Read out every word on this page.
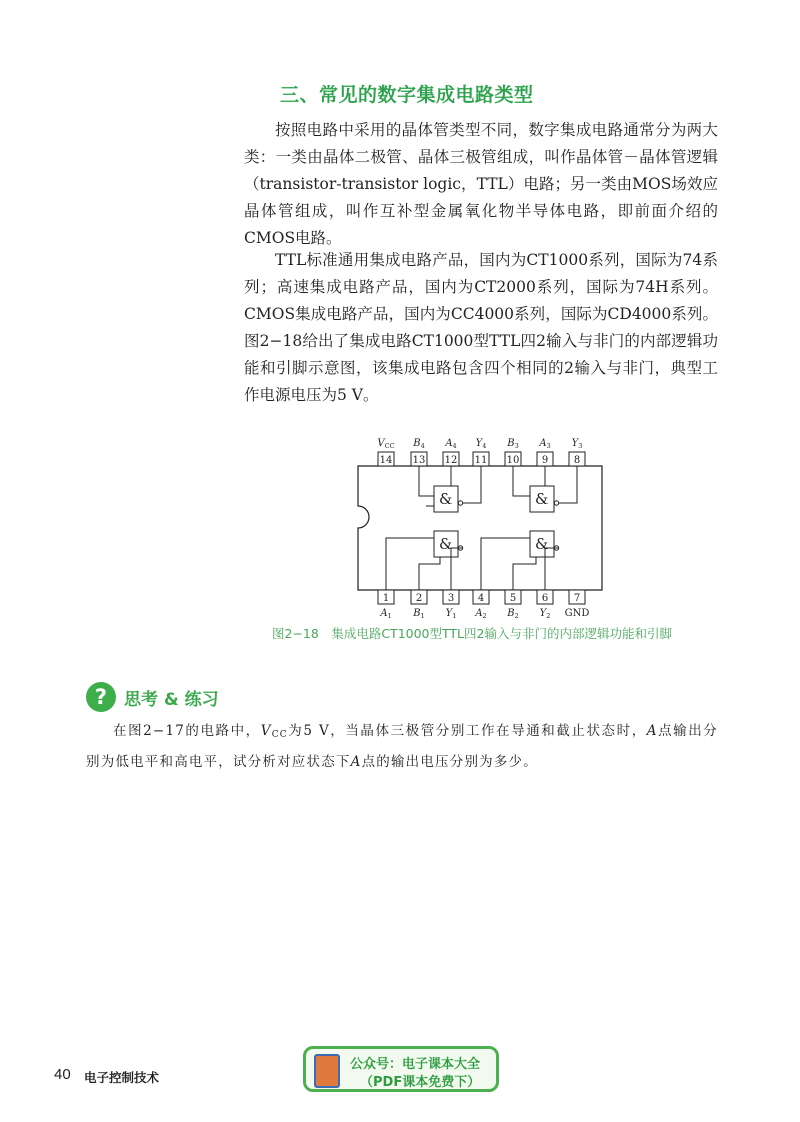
三、常见的数字集成电路类型

按照电路中采用的晶体管类型不同，数字集成电路通常分为两大类：一类由晶体二极管、晶体三极管组成，叫作晶体管－晶体管逻辑（transistor-transistor logic，TTL）电路；另一类由MOS场效应晶体管组成，叫作互补型金属氧化物半导体电路，即前面介绍的CMOS电路。

TTL标准通用集成电路产品，国内为CT1000系列，国际为74系列；高速集成电路产品，国内为CT2000系列，国际为74H系列。CMOS集成电路产品，国内为CC4000系列，国际为CD4000系列。图2−18给出了集成电路CT1000型TTL四2输入与非门的内部逻辑功能和引脚示意图，该集成电路包含四个相同的2输入与非门，典型工作电源电压为5 V。

14
$V_{CC}$
13
$B_4$
12
$A_4$
11
$Y_4$
10
$B_3$
9
$A_3$
8
$Y_3$
1
$A_1$
2
$B_1$
3
$Y_1$
4
$A_2$
5
$B_2$
6
$Y_2$
7
GND
&	&
&	&
图2−18　集成电路CT1000型TTL四2输入与非门的内部逻辑功能和引脚
? 思考 & 练习

在图2−17的电路中，$V_{CC}$为5 V，当晶体三极管分别工作在导通和截止状态时，A点输出分别为低电平和高电平，试分析对应状态下A点的输出电压分别为多少。

40 电子控制技术
公众号：电子课本大全
（PDF课本免费下）
